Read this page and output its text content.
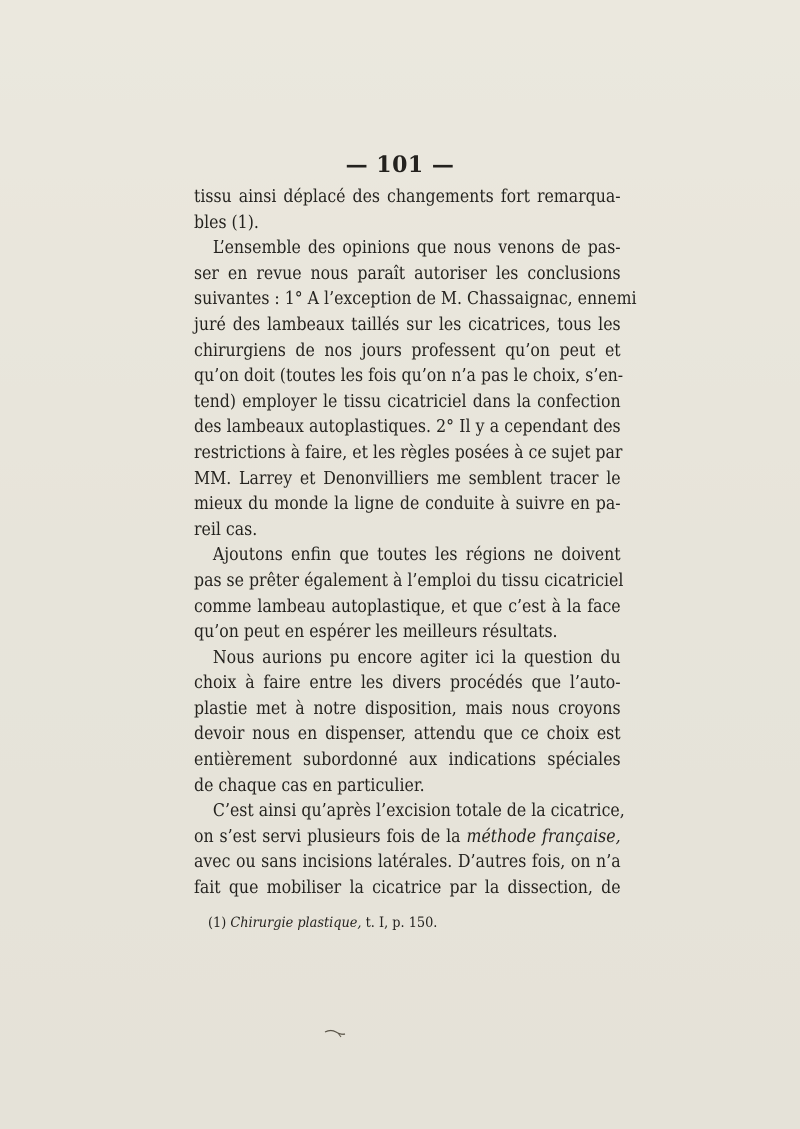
— 101 —
tissu ainsi déplacé des changements fort remarqua-
bles (1).
L’ensemble des opinions que nous venons de pas-
ser en revue nous paraît autoriser les conclusions
suivantes : 1° A l’exception de M. Chassaignac, ennemi
juré des lambeaux taillés sur les cicatrices, tous les
chirurgiens de nos jours professent qu’on peut et
qu’on doit (toutes les fois qu’on n’a pas le choix, s’en-
tend) employer le tissu cicatriciel dans la confection
des lambeaux autoplastiques. 2° Il y a cependant des
restrictions à faire, et les règles posées à ce sujet par
MM. Larrey et Denonvilliers me semblent tracer le
mieux du monde la ligne de conduite à suivre en pa-
reil cas.
Ajoutons enfin que toutes les régions ne doivent
pas se prêter également à l’emploi du tissu cicatriciel
comme lambeau autoplastique, et que c’est à la face
qu’on peut en espérer les meilleurs résultats.
Nous aurions pu encore agiter ici la question du
choix à faire entre les divers procédés que l’auto-
plastie met à notre disposition, mais nous croyons
devoir nous en dispenser, attendu que ce choix est
entièrement subordonné aux indications spéciales
de chaque cas en particulier.
C’est ainsi qu’après l’excision totale de la cicatrice,
on s’est servi plusieurs fois de la méthode française,
avec ou sans incisions latérales. D’autres fois, on n’a
fait que mobiliser la cicatrice par la dissection, de
(1) Chirurgie plastique, t. I, p. 150.
